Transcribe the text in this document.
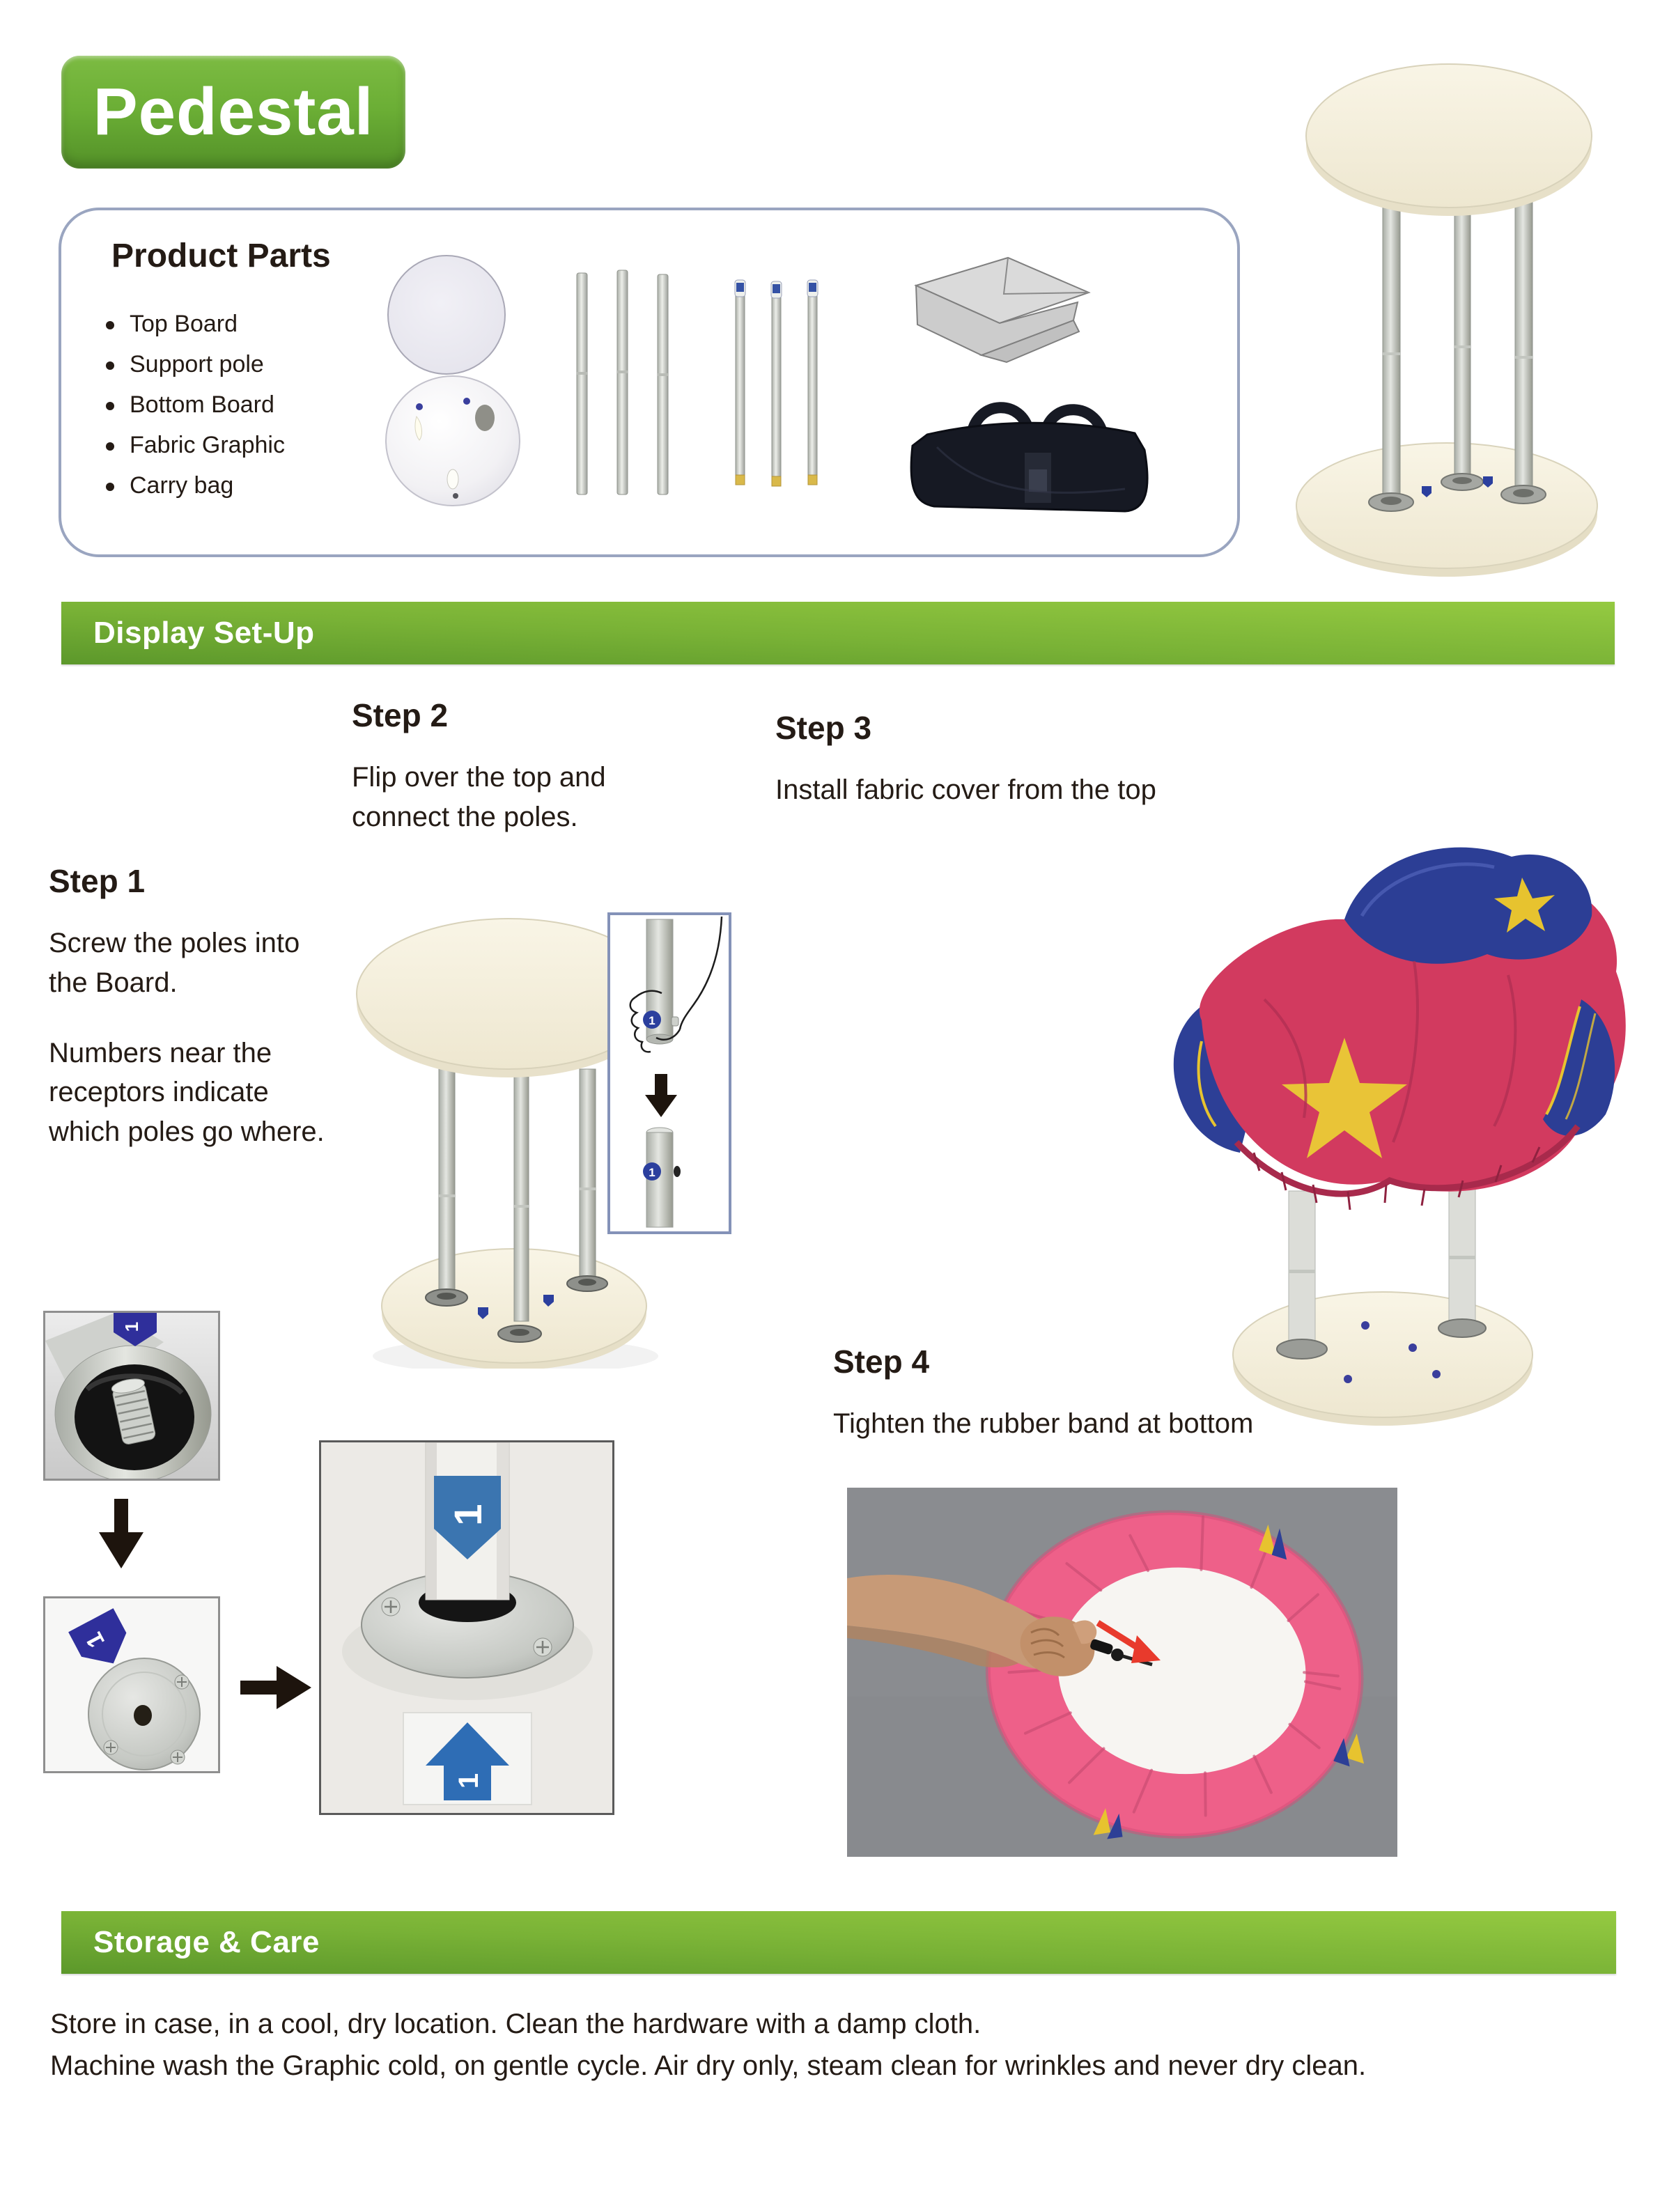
Pedestal
Product Parts
Top Board
Support pole
Bottom Board
Fabric Graphic
Carry bag
Display Set-Up
Step 2

Flip over the top and connect the poles.

Step 3

Install fabric cover from the top

Step 1

Screw the poles into the Board.

Numbers near the receptors indicate which poles go where.

Step 4

Tighten the rubber band at bottom

1
1
1
1
1
1
Storage & Care

Store in case, in a cool, dry location. Clean the hardware with a damp cloth.

Machine wash the Graphic cold, on gentle cycle. Air dry only, steam clean for wrinkles and never dry clean.
